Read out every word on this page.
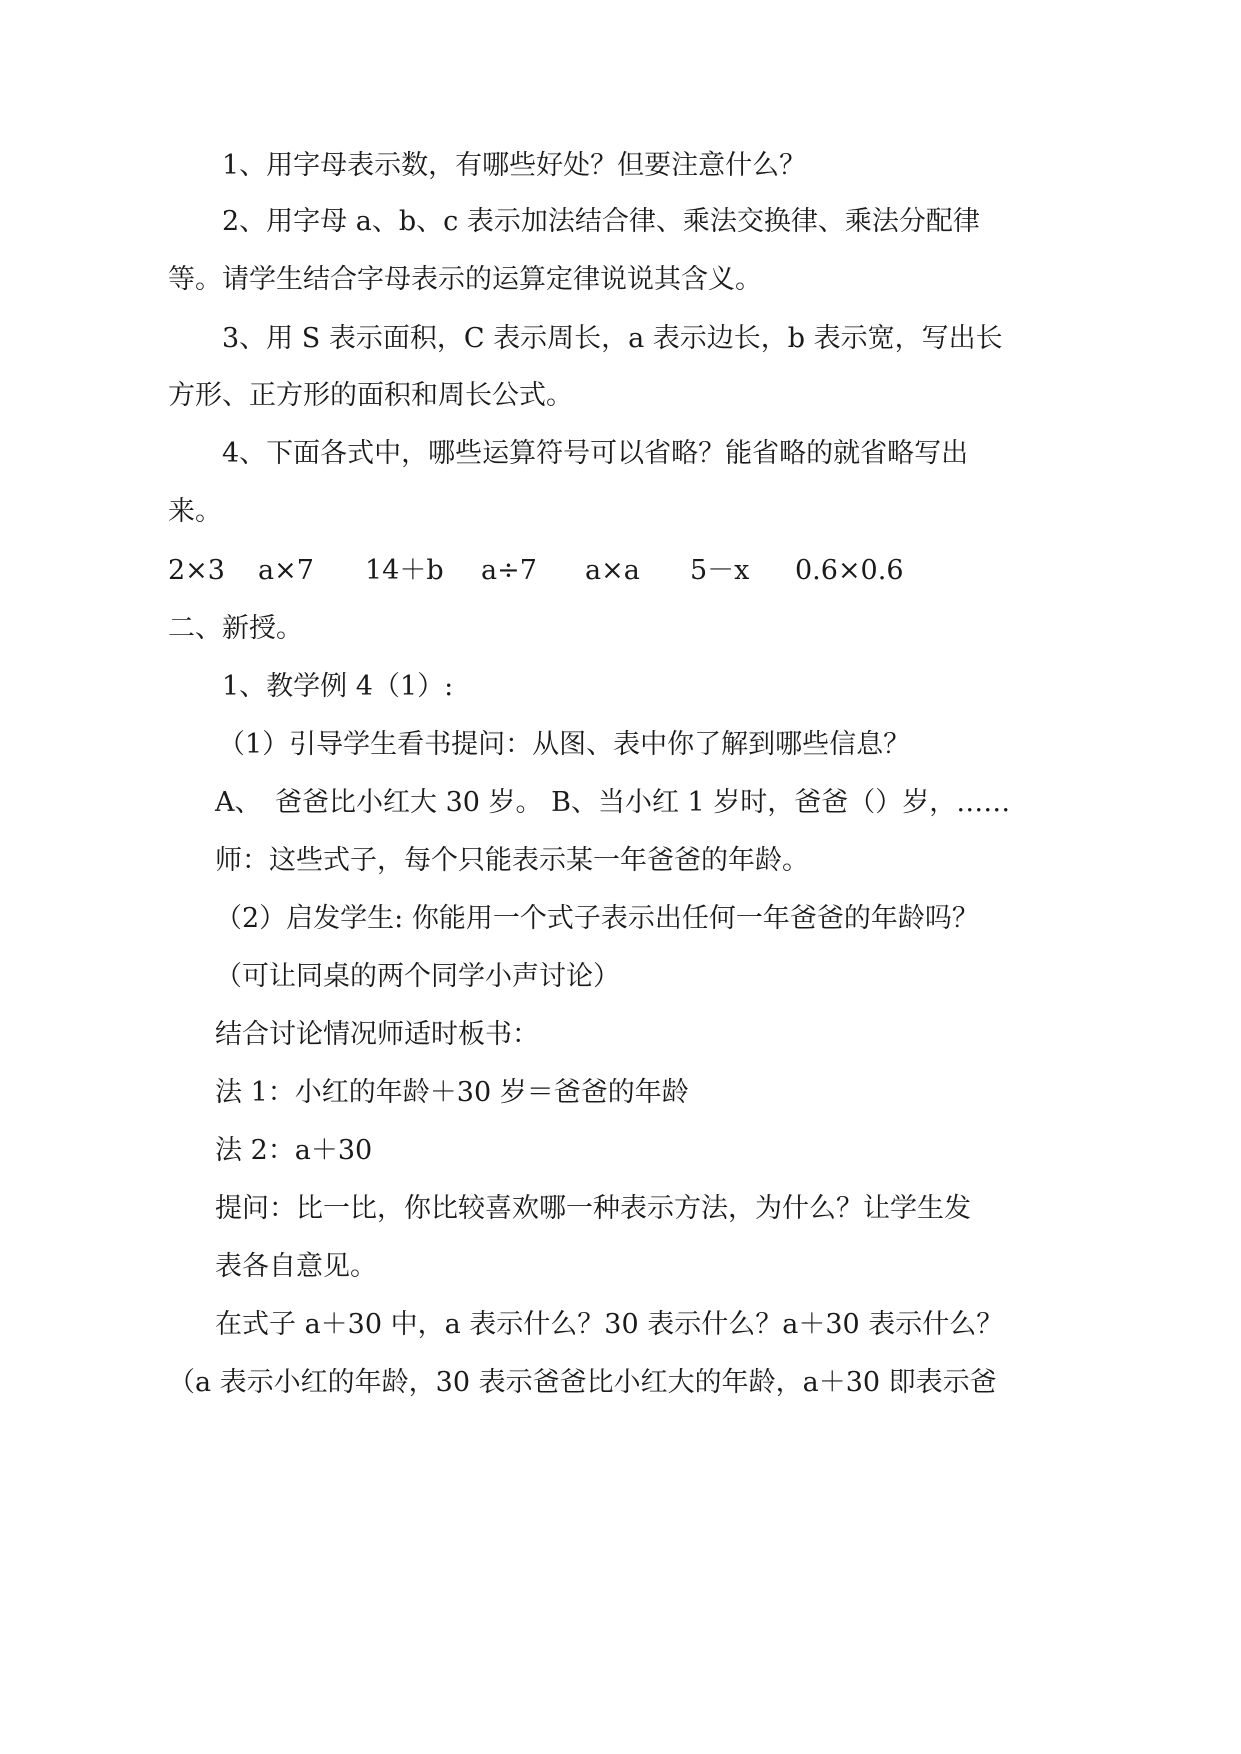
1、用字母表示数，有哪些好处？但要注意什么？

2、用字母 a、b、c 表示加法结合律、乘法交换律、乘法分配律

等。请学生结合字母表示的运算定律说说其含义。

3、用 S 表示面积，C 表示周长，a 表示边长，b 表示宽，写出长

方形、正方形的面积和周长公式。

4、下面各式中，哪些运算符号可以省略？能省略的就省略写出

来。

2×3 a×7 14＋b a÷7 a×a 5－x 0.6×0.6

二、新授。

1、教学例 4（1）:

（1）引导学生看书提问：从图、表中你了解到哪些信息？

A、　爸爸比小红大 30 岁。 B、当小红 1 岁时，爸爸（）岁，……

师：这些式子，每个只能表示某一年爸爸的年龄。

（2）启发学生: 你能用一个式子表示出任何一年爸爸的年龄吗？

（可让同桌的两个同学小声讨论）

结合讨论情况师适时板书：

法 1：小红的年龄＋30 岁＝爸爸的年龄

法 2：a＋30

提问：比一比，你比较喜欢哪一种表示方法，为什么？让学生发

表各自意见。

在式子 a＋30 中，a 表示什么？30 表示什么？a＋30 表示什么？

（a 表示小红的年龄，30 表示爸爸比小红大的年龄，a＋30 即表示爸
